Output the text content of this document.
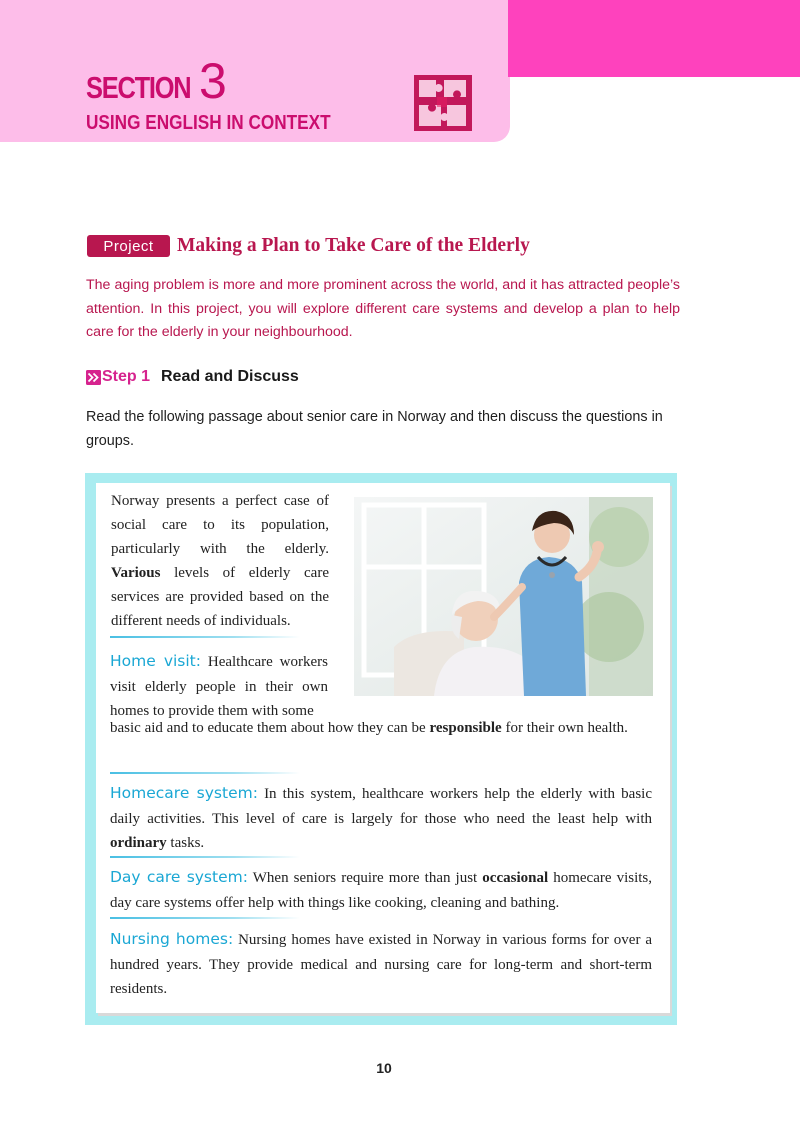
SECTION 3
USING ENGLISH IN CONTEXT
Project	Making a Plan to Take Care of the Elderly

The aging problem is more and more prominent across the world, and it has attracted people’s attention. In this project, you will explore different care systems and develop a plan to help care for the elderly in your neighbourhood.

Step 1 Read and Discuss

Read the following passage about senior care in Norway and then discuss the questions in groups.

Norway presents a perfect case of social care to its population, particularly with the elderly. Various levels of elderly care services are provided based on the different needs of individuals.

Home visit: Healthcare workers visit elderly people in their own homes to provide them with some

basic aid and to educate them about how they can be responsible for their own health.

Homecare system: In this system, healthcare workers help the elderly with basic daily activities. This level of care is largely for those who need the least help with ordinary tasks.

Day care system: When seniors require more than just occasional homecare visits, day care systems offer help with things like cooking, cleaning and bathing.

Nursing homes: Nursing homes have existed in Norway in various forms for over a hundred years. They provide medical and nursing care for long-term and short-term residents.

10
